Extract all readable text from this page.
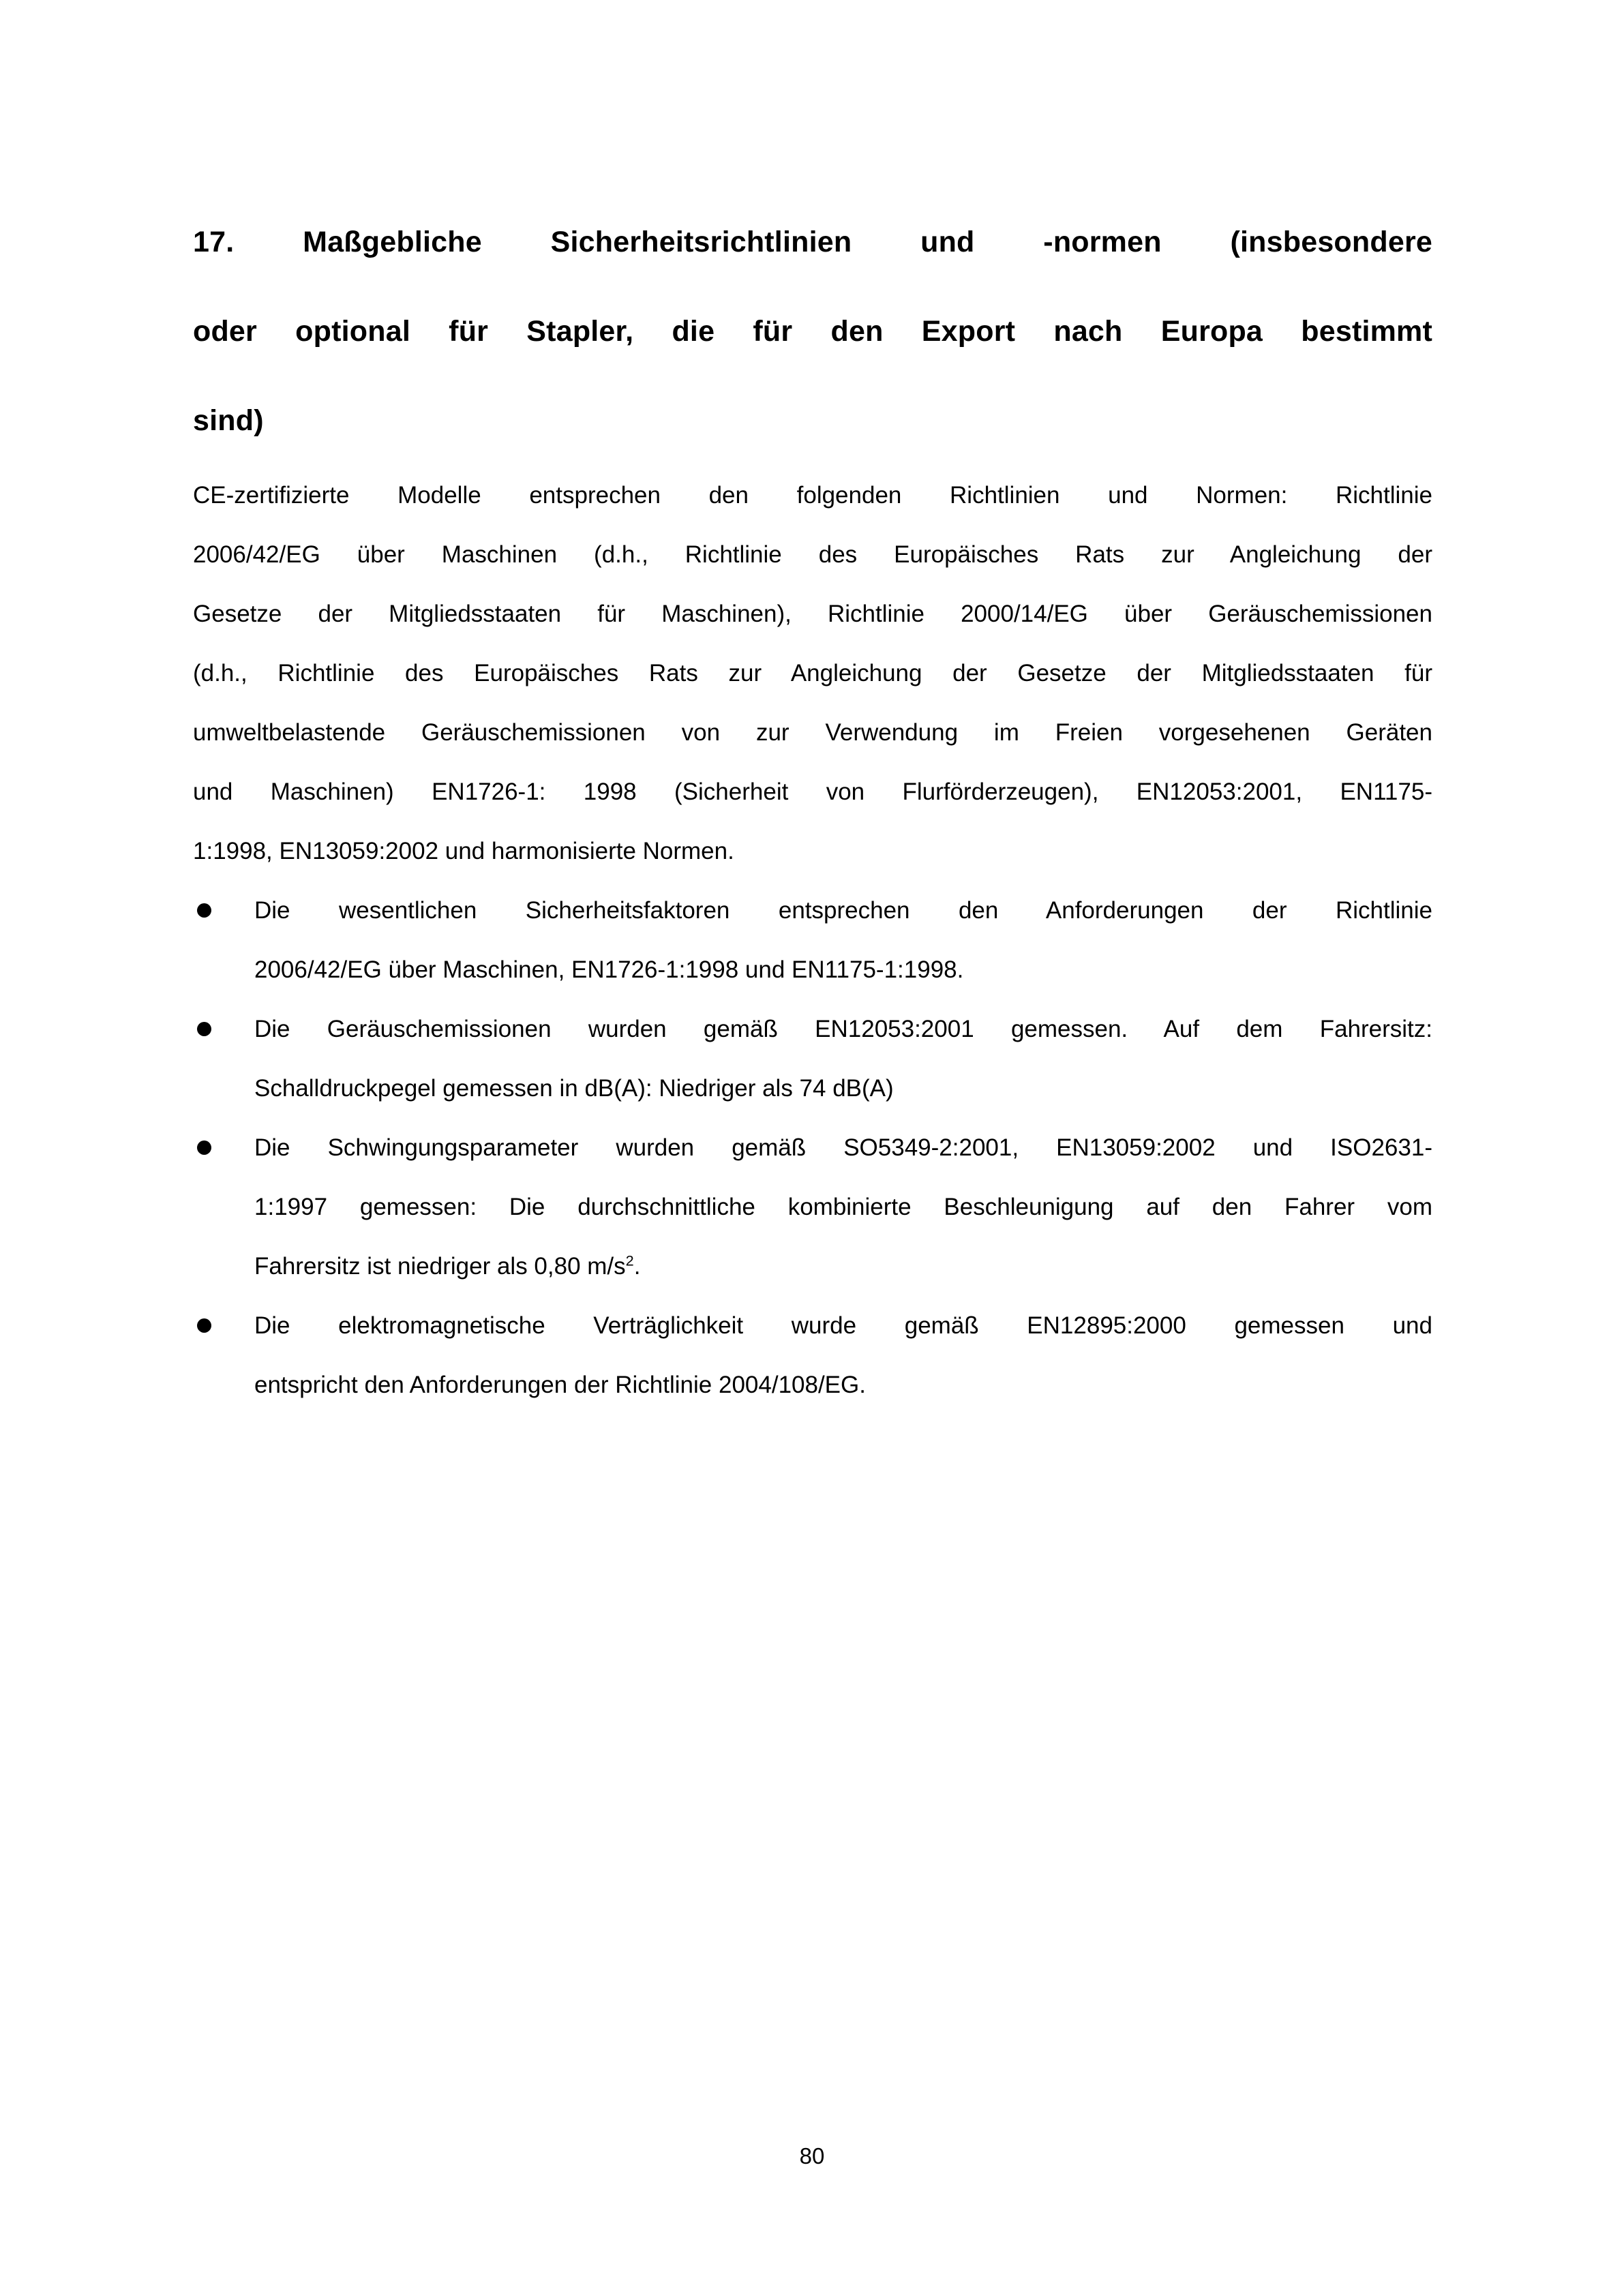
17. Maßgebliche Sicherheitsrichtlinien und -normen (insbesondere
oder optional für Stapler, die für den Export nach Europa bestimmt
sind)

CE-zertifizierte Modelle entsprechen den folgenden Richtlinien und Normen: Richtlinie
2006/42/EG über Maschinen (d.h., Richtlinie des Europäisches Rats zur Angleichung der
Gesetze der Mitgliedsstaaten für Maschinen), Richtlinie 2000/14/EG über Geräuschemissionen
(d.h., Richtlinie des Europäisches Rats zur Angleichung der Gesetze der Mitgliedsstaaten für
umweltbelastende Geräuschemissionen von zur Verwendung im Freien vorgesehenen Geräten
und Maschinen) EN1726-1: 1998 (Sicherheit von Flurförderzeugen), EN12053:2001, EN1175-
1:1998, EN13059:2002 und harmonisierte Normen.

Die wesentlichen Sicherheitsfaktoren entsprechen den Anforderungen der Richtlinie
2006/42/EG über Maschinen, EN1726-1:1998 und EN1175-1:1998.
Die Geräuschemissionen wurden gemäß EN12053:2001 gemessen. Auf dem Fahrersitz:
Schalldruckpegel gemessen in dB(A): Niedriger als 74 dB(A)
Die Schwingungsparameter wurden gemäß SO5349-2:2001, EN13059:2002 und ISO2631-
1:1997 gemessen: Die durchschnittliche kombinierte Beschleunigung auf den Fahrer vom
Fahrersitz ist niedriger als 0,80 $m/s^2$.
Die elektromagnetische Verträglichkeit wurde gemäß EN12895:2000 gemessen und
entspricht den Anforderungen der Richtlinie 2004/108/EG.
80
